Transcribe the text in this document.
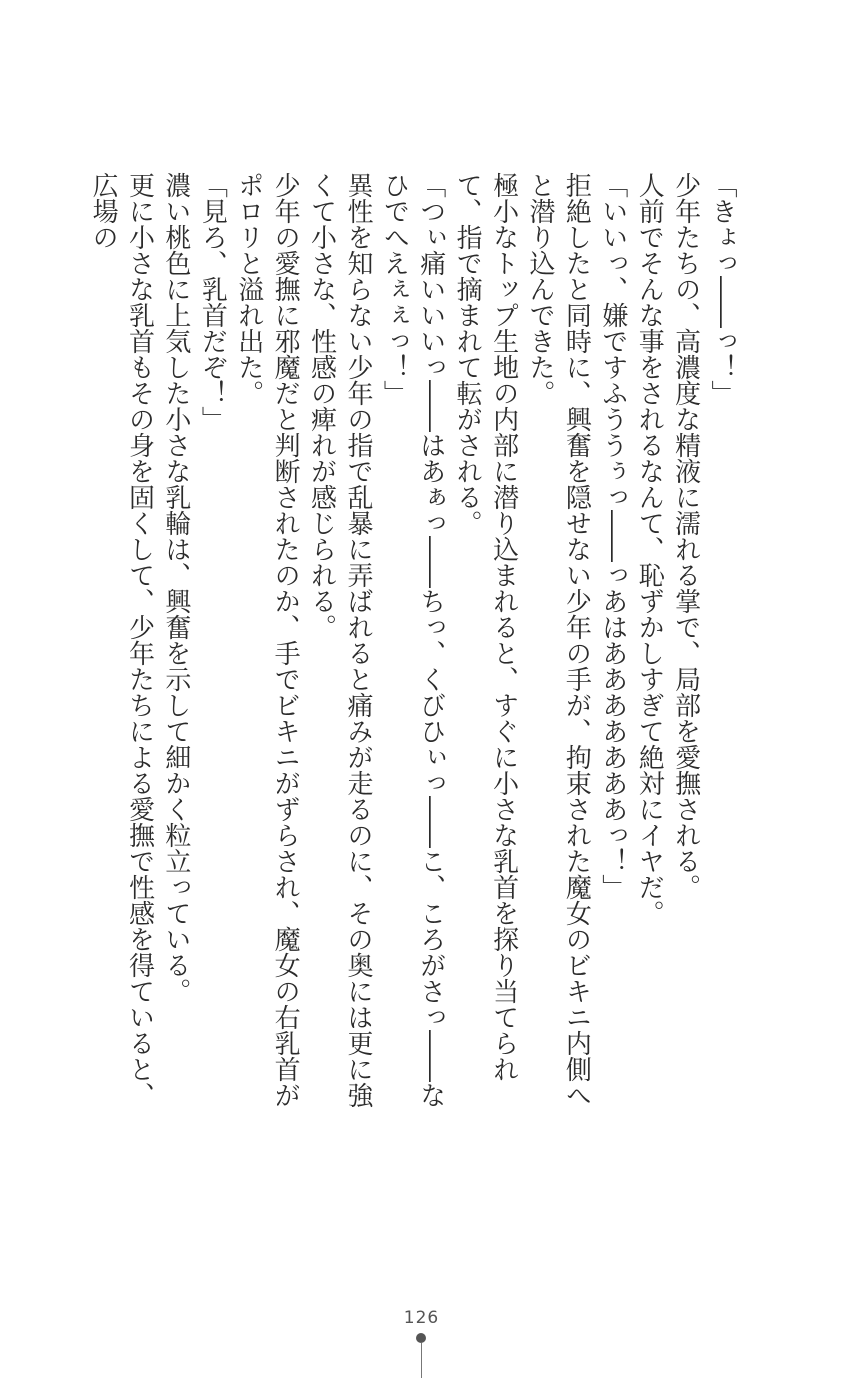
「きょっ――っ！」

少年たちの、高濃度な精液に濡れる掌で、局部を愛撫される。

人前でそんな事をされるなんて、恥ずかしすぎて絶対にイヤだ。

「いいっ、嫌ですふううぅっ――っあはあああああああっ！」

拒絶したと同時に、興奮を隠せない少年の手が、拘束された魔女のビキニ内側へと潜り込んできた。

極小なトップ生地の内部に潜り込まれると、すぐに小さな乳首を探り当てられて、指で摘まれて転がされる。

「つぃ痛いいいっ――はあぁっ――ちっ、くびひぃっ――こ、ころがさっ――なひでへえぇぇっ！」

異性を知らない少年の指で乱暴に弄ばれると痛みが走るのに、その奥には更に強くて小さな、性感の痺れが感じられる。

少年の愛撫に邪魔だと判断されたのか、手でビキニがずらされ、魔女の右乳首がポロリと溢れ出た。

「見ろ、乳首だぞ！」

濃い桃色に上気した小さな乳輪は、興奮を示して細かく粒立っている。

更に小さな乳首もその身を固くして、少年たちによる愛撫で性感を得ていると、広場の

126
